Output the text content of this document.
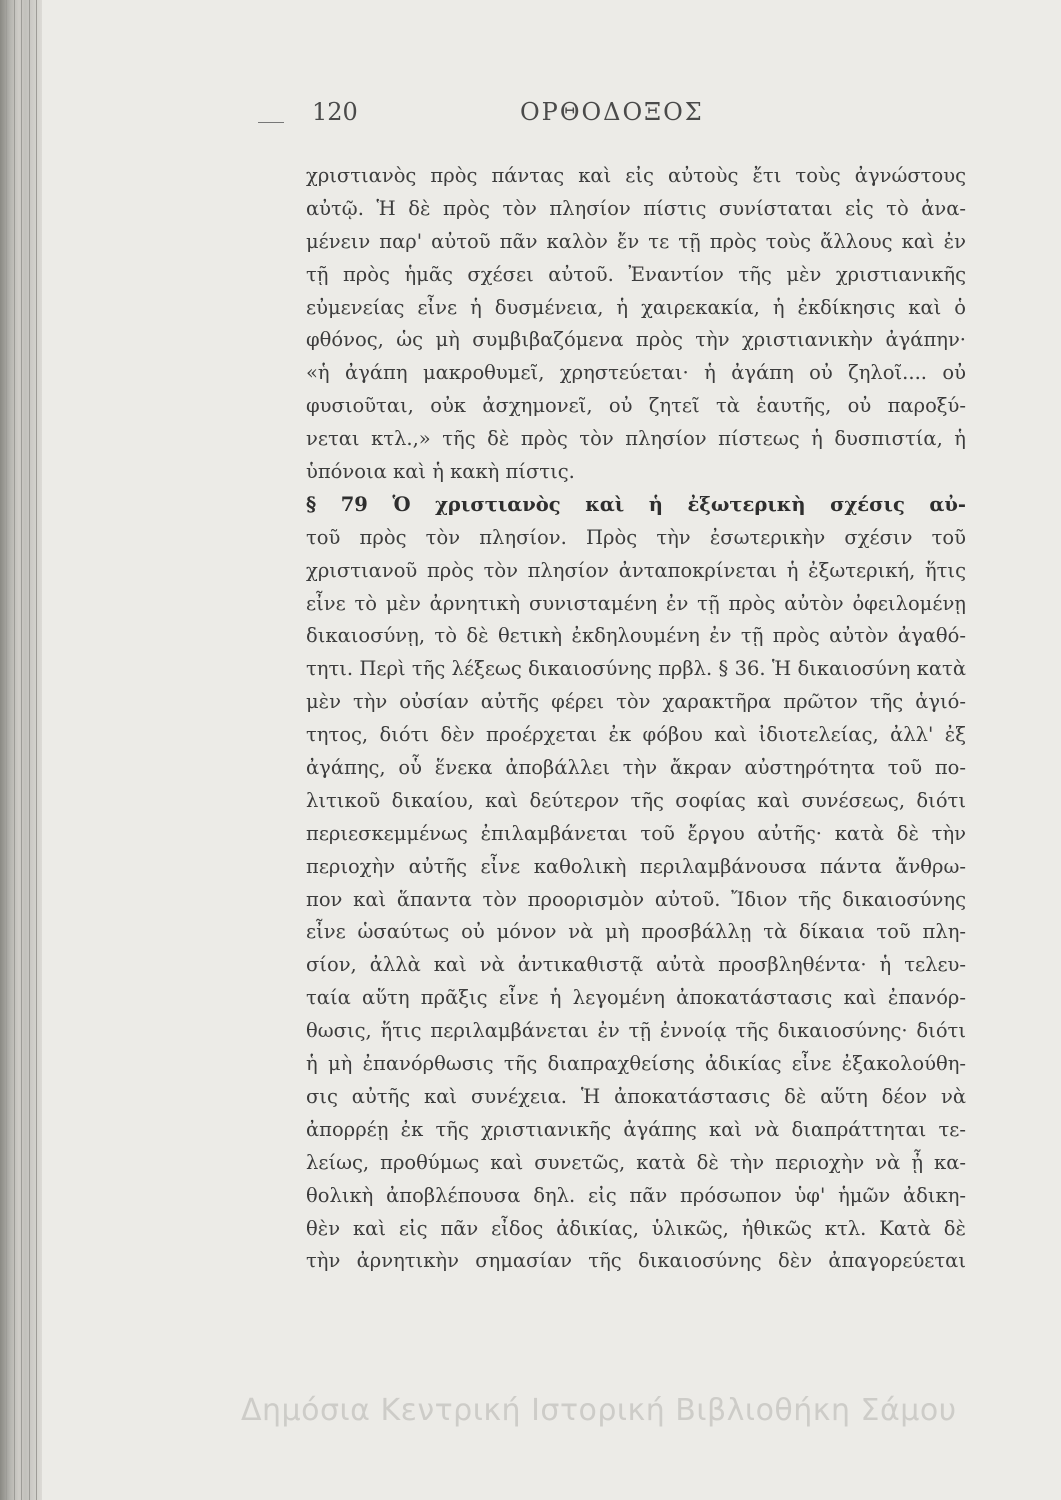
120	ΟΡΘΟΔΟΞΟΣ
χριστιανὸς πρὸς πάντας καὶ εἰς αὐτοὺς ἔτι τοὺς ἀγνώστους
αὐτῷ. Ἡ δὲ πρὸς τὸν πλησίον πίστις συνίσταται εἰς τὸ ἀνα-
μένειν παρ' αὐτοῦ πᾶν καλὸν ἔν τε τῇ πρὸς τοὺς ἄλλους καὶ ἐν
τῇ πρὸς ἡμᾶς σχέσει αὐτοῦ. Ἐναντίον τῆς μὲν χριστιανικῆς
εὐμενείας εἶνε ἡ δυσμένεια, ἡ χαιρεκακία, ἡ ἐκδίκησις καὶ ὁ
φθόνος, ὡς μὴ συμβιβαζόμενα πρὸς τὴν χριστιανικὴν ἀγάπην·
«ἡ ἀγάπη μακροθυμεῖ, χρηστεύεται· ἡ ἀγάπη οὐ ζηλοῖ.... οὐ
φυσιοῦται, οὐκ ἀσχημονεῖ, οὐ ζητεῖ τὰ ἑαυτῆς, οὐ παροξύ-
νεται κτλ.,» τῆς δὲ πρὸς τὸν πλησίον πίστεως ἡ δυσπιστία, ἡ
ὑπόνοια καὶ ἡ κακὴ πίστις.
§ 79 Ὁ χριστιανὸς καὶ ἡ ἐξωτερικὴ σχέσις αὐ-
τοῦ πρὸς τὸν πλησίον. Πρὸς τὴν ἐσωτερικὴν σχέσιν τοῦ
χριστιανοῦ πρὸς τὸν πλησίον ἀνταποκρίνεται ἡ ἐξωτερική, ἥτις
εἶνε τὸ μὲν ἀρνητικὴ συνισταμένη ἐν τῇ πρὸς αὐτὸν ὀφειλομένῃ
δικαιοσύνῃ, τὸ δὲ θετικὴ ἐκδηλουμένη ἐν τῇ πρὸς αὐτὸν ἀγαθό-
τητι. Περὶ τῆς λέξεως δικαιοσύνης πρβλ. § 36. Ἡ δικαιοσύνη κατὰ
μὲν τὴν οὐσίαν αὐτῆς φέρει τὸν χαρακτῆρα πρῶτον τῆς ἁγιό-
τητος, διότι δὲν προέρχεται ἐκ φόβου καὶ ἰδιοτελείας, ἀλλ' ἐξ
ἀγάπης, οὗ ἕνεκα ἀποβάλλει τὴν ἄκραν αὐστηρότητα τοῦ πο-
λιτικοῦ δικαίου, καὶ δεύτερον τῆς σοφίας καὶ συνέσεως, διότι
περιεσκεμμένως ἐπιλαμβάνεται τοῦ ἔργου αὐτῆς· κατὰ δὲ τὴν
περιοχὴν αὐτῆς εἶνε καθολικὴ περιλαμβάνουσα πάντα ἄνθρω-
πον καὶ ἅπαντα τὸν προορισμὸν αὐτοῦ. Ἴδιον τῆς δικαιοσύνης
εἶνε ὡσαύτως οὐ μόνον νὰ μὴ προσβάλλῃ τὰ δίκαια τοῦ πλη-
σίον, ἀλλὰ καὶ νὰ ἀντικαθιστᾷ αὐτὰ προσβληθέντα· ἡ τελευ-
ταία αὕτη πρᾶξις εἶνε ἡ λεγομένη ἀποκατάστασις καὶ ἐπανόρ-
θωσις, ἥτις περιλαμβάνεται ἐν τῇ ἐννοίᾳ τῆς δικαιοσύνης· διότι
ἡ μὴ ἐπανόρθωσις τῆς διαπραχθείσης ἀδικίας εἶνε ἐξακολούθη-
σις αὐτῆς καὶ συνέχεια. Ἡ ἀποκατάστασις δὲ αὕτη δέον νὰ
ἀπορρέῃ ἐκ τῆς χριστιανικῆς ἀγάπης καὶ νὰ διαπράττηται τε-
λείως, προθύμως καὶ συνετῶς, κατὰ δὲ τὴν περιοχὴν νὰ ᾖ κα-
θολικὴ ἀποβλέπουσα δηλ. εἰς πᾶν πρόσωπον ὑφ' ἡμῶν ἀδικη-
θὲν καὶ εἰς πᾶν εἶδος ἀδικίας, ὑλικῶς, ἠθικῶς κτλ. Κατὰ δὲ
τὴν ἀρνητικὴν σημασίαν τῆς δικαιοσύνης δὲν ἀπαγορεύεται
Δημόσια Κεντρική Ιστορική Βιβλιοθήκη Σάμου
